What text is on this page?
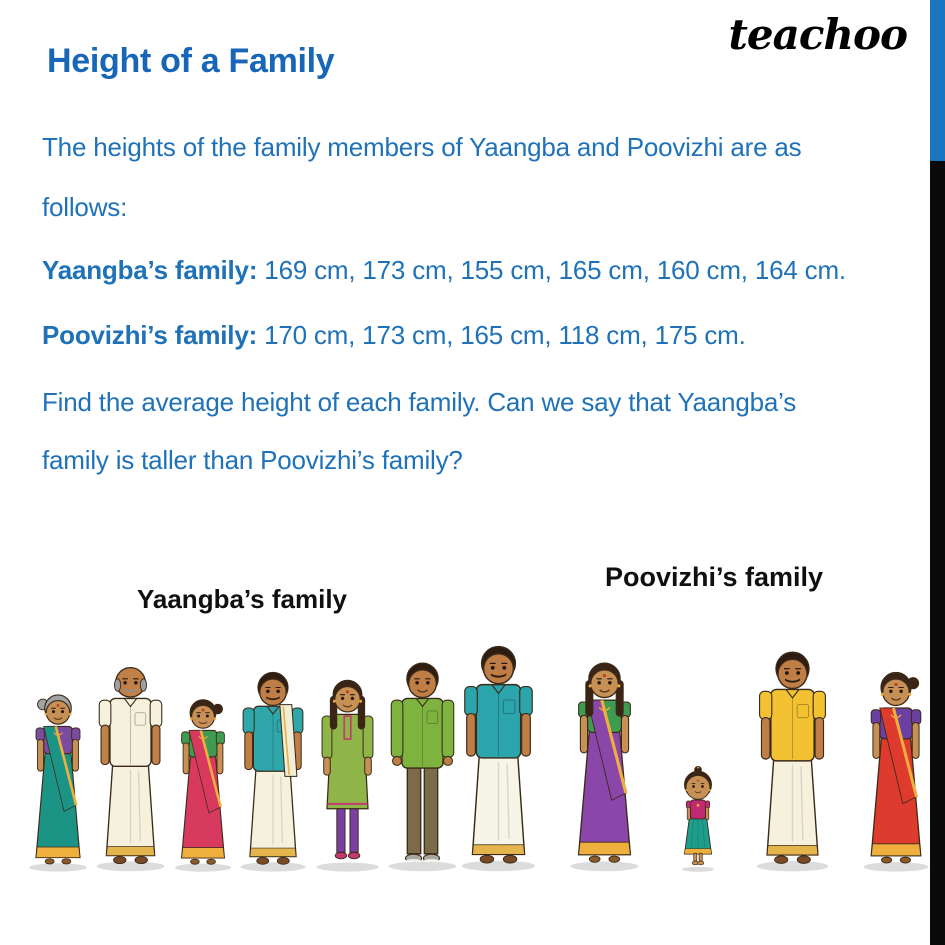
teachoo
Height of a Family
The heights of the family members of Yaangba and Poovizhi are as
follows:
Yaangba’s family: 169 cm, 173 cm, 155 cm, 165 cm, 160 cm, 164 cm.
Poovizhi’s family: 170 cm, 173 cm, 165 cm, 118 cm, 175 cm.
Find the average height of each family. Can we say that Yaangba’s
family is taller than Poovizhi’s family?
Yaangba’s family
Poovizhi’s family
